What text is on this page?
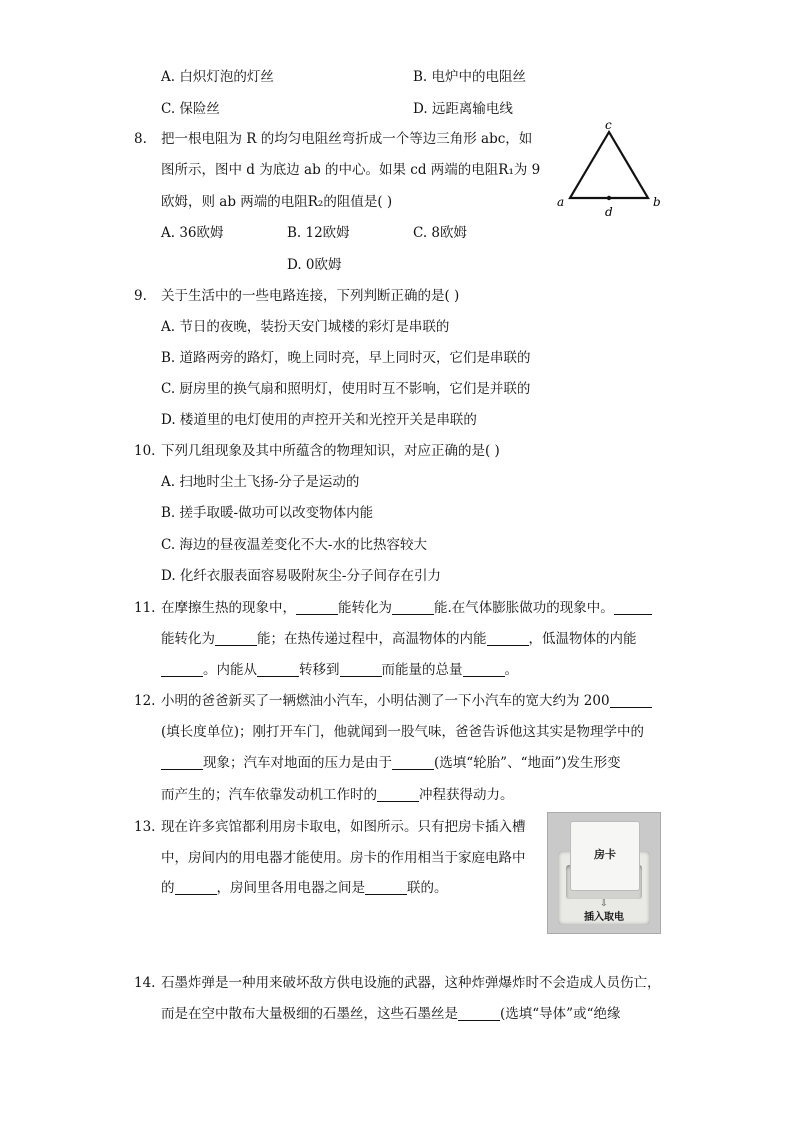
A. 白炽灯泡的灯丝	B. 电炉中的电阻丝
C. 保险丝	D. 远距离输电线
8.	把一根电阻为 R 的均匀电阻丝弯折成一个等边三角形 abc，如
图所示，图中 d 为底边 ab 的中心。如果 cd 两端的电阻R₁为 9
欧姆，则 ab 两端的电阻R₂的阻值是( )
A. 36欧姆	B. 12欧姆	C. 8欧姆
D. 0欧姆
c
a
d
b
9.	关于生活中的一些电路连接，下列判断正确的是( )
A. 节日的夜晚，装扮天安门城楼的彩灯是串联的
B. 道路两旁的路灯，晚上同时亮，早上同时灭，它们是串联的
C. 厨房里的换气扇和照明灯，使用时互不影响，它们是并联的
D. 楼道里的电灯使用的声控开关和光控开关是串联的
10. 下列几组现象及其中所蕴含的物理知识，对应正确的是( )
A. 扫地时尘土飞扬-分子是运动的
B. 搓手取暖-做功可以改变物体内能
C. 海边的昼夜温差变化不大-水的比热容较大
D. 化纤衣服表面容易吸附灰尘-分子间存在引力
11. 在摩擦生热的现象中，	能转化为	能.在气体膨胀做功的现象中。
能转化为	能；在热传递过程中，高温物体的内能	，低温物体的内能
。内能从	转移到	而能量的总量	。
12. 小明的爸爸新买了一辆燃油小汽车，小明估测了一下小汽车的宽大约为 200
(填长度单位)；刚打开车门，他就闻到一股气味，爸爸告诉他这其实是物理学中的
现象；汽车对地面的压力是由于	(选填“轮胎”、“地面”)发生形变
而产生的；汽车依靠发动机工作时的	冲程获得动力。
13. 现在许多宾馆都利用房卡取电，如图所示。只有把房卡插入槽
中，房间内的用电器才能使用。房卡的作用相当于家庭电路中
的	，房间里各用电器之间是	联的。
房卡
⇩
插入取电
14. 石墨炸弹是一种用来破坏敌方供电设施的武器，这种炸弹爆炸时不会造成人员伤亡，
而是在空中散布大量极细的石墨丝，这些石墨丝是	(选填“导体”或“绝缘
